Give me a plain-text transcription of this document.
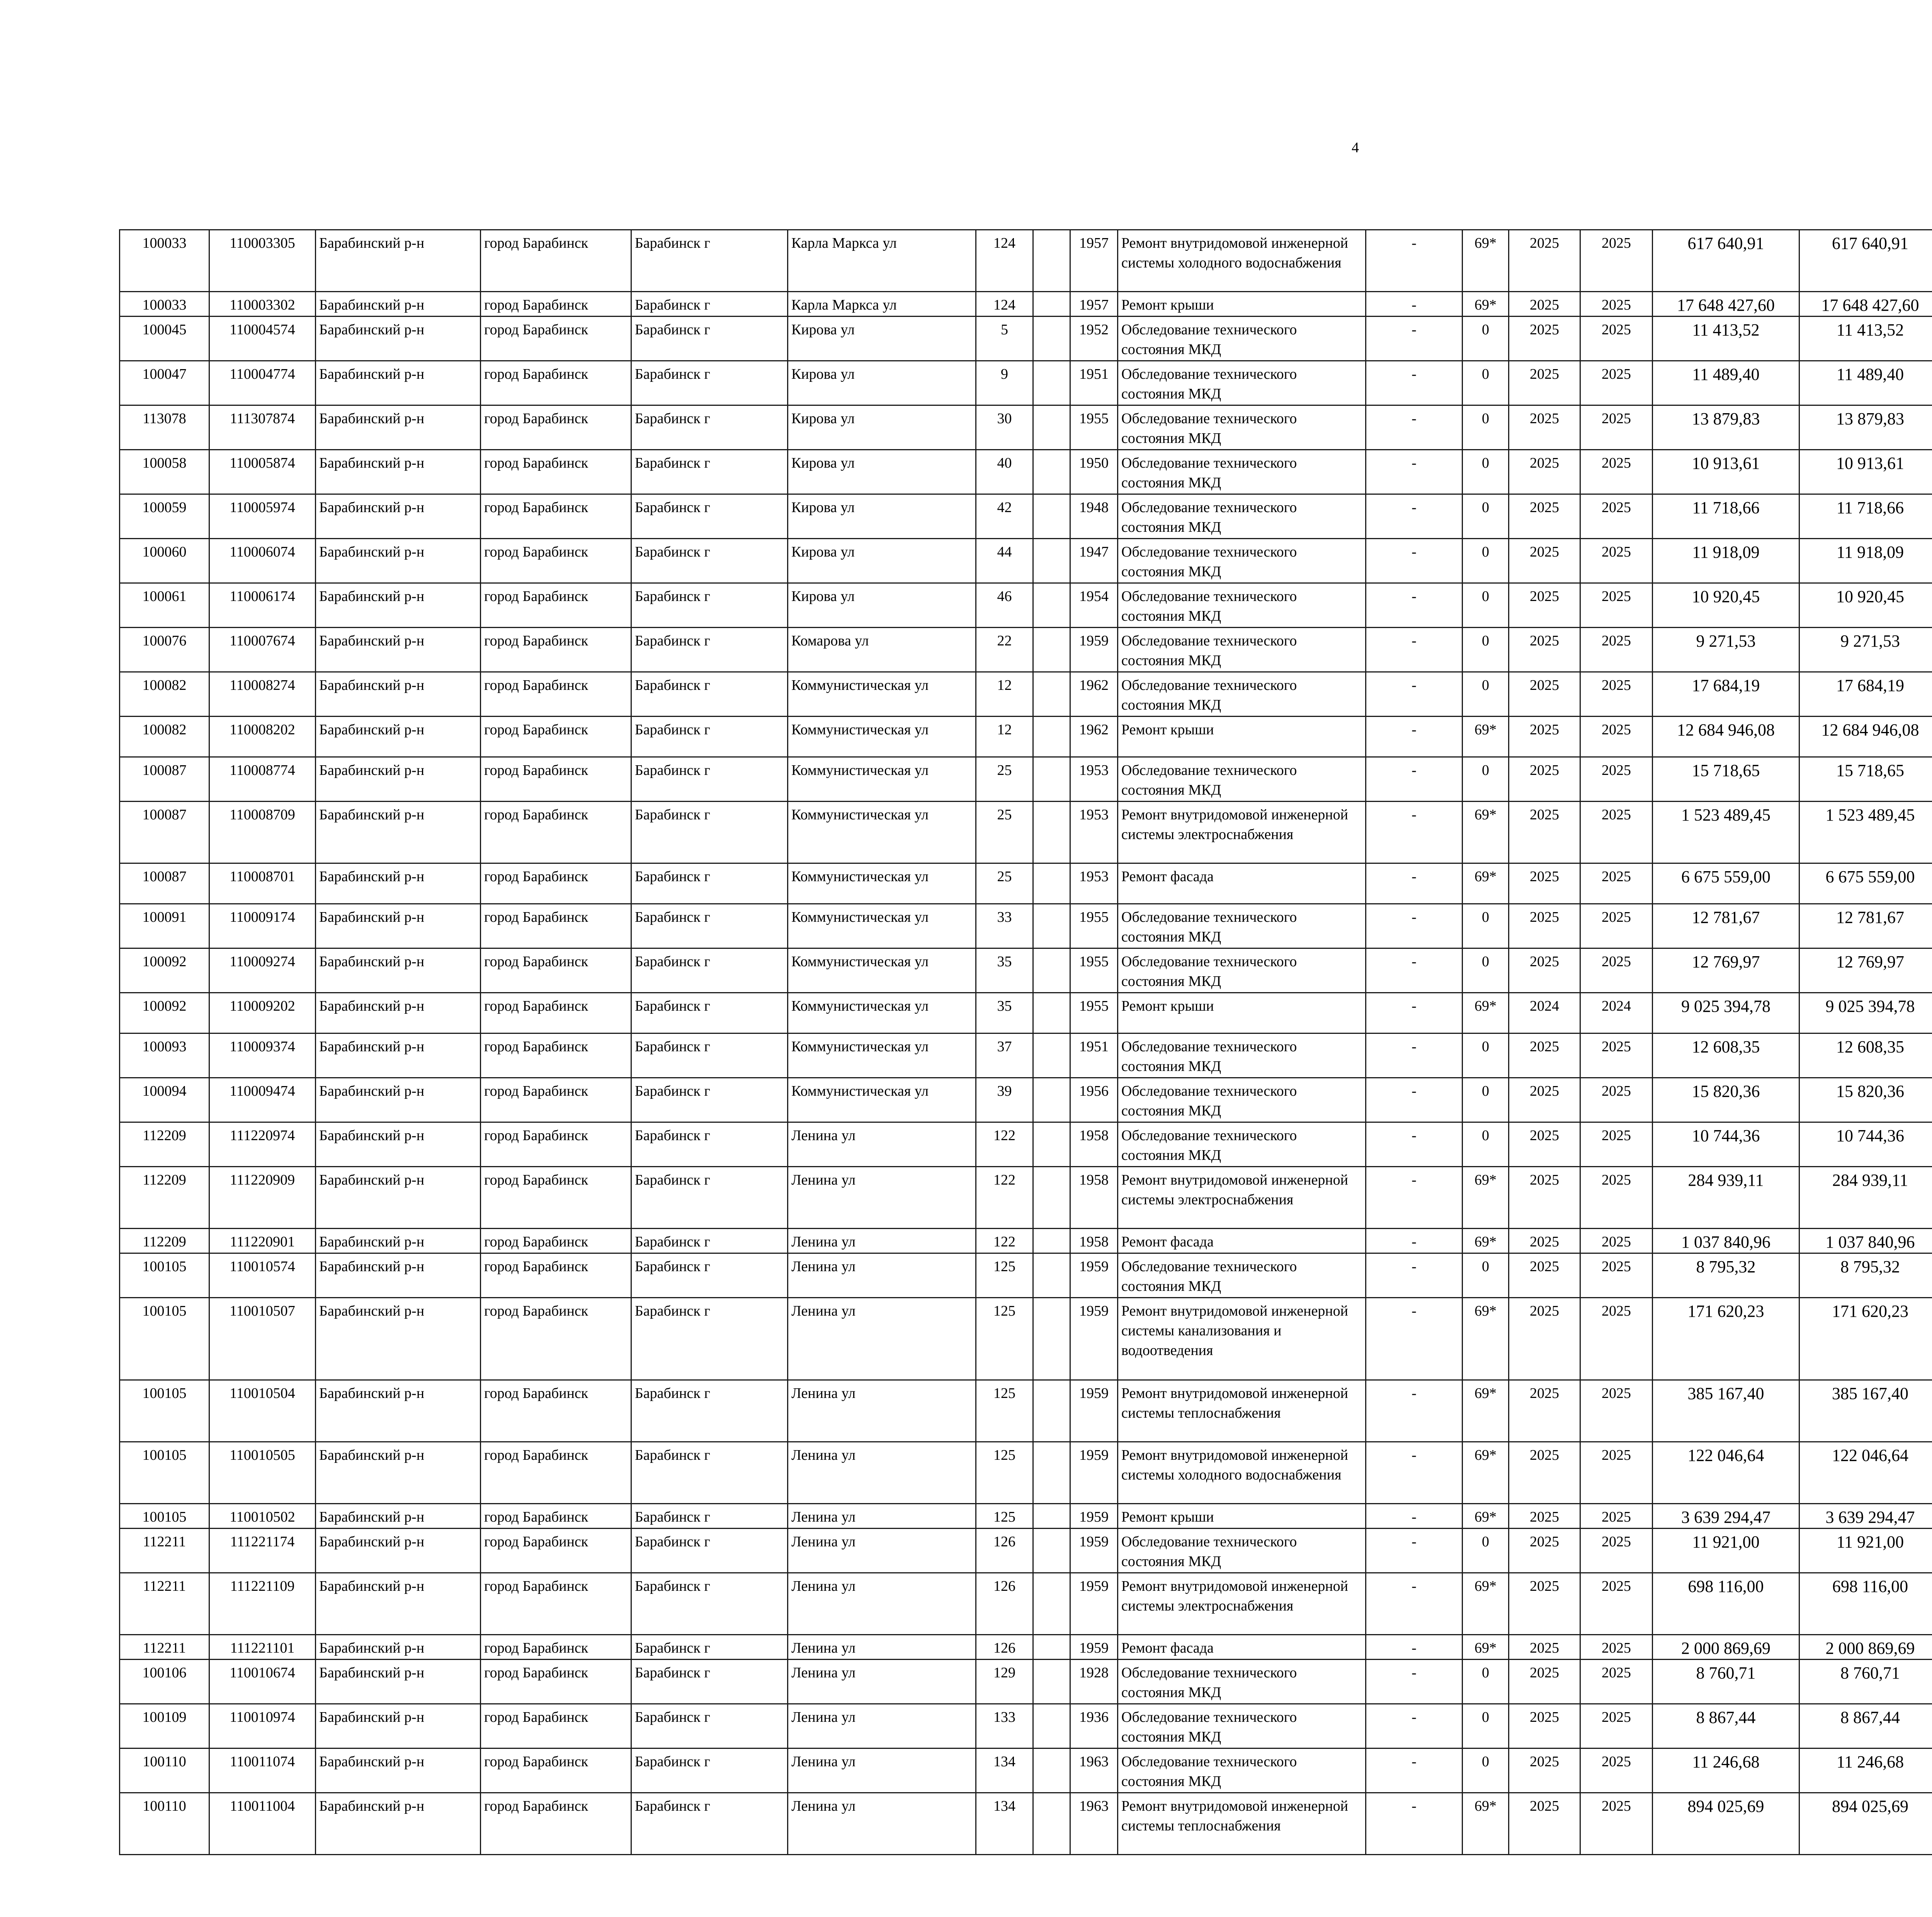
4
100033	110003305	Барабинский р-н	город Барабинск	Барабинск г	Карла Маркса ул	124		1957	Ремонт внутридомовой инженерной системы холодного водоснабжения	-	69*	2025	2025	617 640,91	617 640,91						
100033	110003302	Барабинский р-н	город Барабинск	Барабинск г	Карла Маркса ул	124		1957	Ремонт крыши	-	69*	2025	2025	17 648 427,60	17 648 427,60						
100045	110004574	Барабинский р-н	город Барабинск	Барабинск г	Кирова ул	5		1952	Обследование технического состояния МКД	-	0	2025	2025	11 413,52	11 413,52						
100047	110004774	Барабинский р-н	город Барабинск	Барабинск г	Кирова ул	9		1951	Обследование технического состояния МКД	-	0	2025	2025	11 489,40	11 489,40						
113078	111307874	Барабинский р-н	город Барабинск	Барабинск г	Кирова ул	30		1955	Обследование технического состояния МКД	-	0	2025	2025	13 879,83	13 879,83						
100058	110005874	Барабинский р-н	город Барабинск	Барабинск г	Кирова ул	40		1950	Обследование технического состояния МКД	-	0	2025	2025	10 913,61	10 913,61						
100059	110005974	Барабинский р-н	город Барабинск	Барабинск г	Кирова ул	42		1948	Обследование технического состояния МКД	-	0	2025	2025	11 718,66	11 718,66						
100060	110006074	Барабинский р-н	город Барабинск	Барабинск г	Кирова ул	44		1947	Обследование технического состояния МКД	-	0	2025	2025	11 918,09	11 918,09						
100061	110006174	Барабинский р-н	город Барабинск	Барабинск г	Кирова ул	46		1954	Обследование технического состояния МКД	-	0	2025	2025	10 920,45	10 920,45						
100076	110007674	Барабинский р-н	город Барабинск	Барабинск г	Комарова ул	22		1959	Обследование технического состояния МКД	-	0	2025	2025	9 271,53	9 271,53						
100082	110008274	Барабинский р-н	город Барабинск	Барабинск г	Коммунистическая ул	12		1962	Обследование технического состояния МКД	-	0	2025	2025	17 684,19	17 684,19						
100082	110008202	Барабинский р-н	город Барабинск	Барабинск г	Коммунистическая ул	12		1962	Ремонт крыши	-	69*	2025	2025	12 684 946,08	12 684 946,08						
100087	110008774	Барабинский р-н	город Барабинск	Барабинск г	Коммунистическая ул	25		1953	Обследование технического состояния МКД	-	0	2025	2025	15 718,65	15 718,65						
100087	110008709	Барабинский р-н	город Барабинск	Барабинск г	Коммунистическая ул	25		1953	Ремонт внутридомовой инженерной системы электроснабжения	-	69*	2025	2025	1 523 489,45	1 523 489,45						
100087	110008701	Барабинский р-н	город Барабинск	Барабинск г	Коммунистическая ул	25		1953	Ремонт фасада	-	69*	2025	2025	6 675 559,00	6 675 559,00						
100091	110009174	Барабинский р-н	город Барабинск	Барабинск г	Коммунистическая ул	33		1955	Обследование технического состояния МКД	-	0	2025	2025	12 781,67	12 781,67						
100092	110009274	Барабинский р-н	город Барабинск	Барабинск г	Коммунистическая ул	35		1955	Обследование технического состояния МКД	-	0	2025	2025	12 769,97	12 769,97						
100092	110009202	Барабинский р-н	город Барабинск	Барабинск г	Коммунистическая ул	35		1955	Ремонт крыши	-	69*	2024	2024	9 025 394,78	9 025 394,78						
100093	110009374	Барабинский р-н	город Барабинск	Барабинск г	Коммунистическая ул	37		1951	Обследование технического состояния МКД	-	0	2025	2025	12 608,35	12 608,35						
100094	110009474	Барабинский р-н	город Барабинск	Барабинск г	Коммунистическая ул	39		1956	Обследование технического состояния МКД	-	0	2025	2025	15 820,36	15 820,36						
112209	111220974	Барабинский р-н	город Барабинск	Барабинск г	Ленина ул	122		1958	Обследование технического состояния МКД	-	0	2025	2025	10 744,36	10 744,36						
112209	111220909	Барабинский р-н	город Барабинск	Барабинск г	Ленина ул	122		1958	Ремонт внутридомовой инженерной системы электроснабжения	-	69*	2025	2025	284 939,11	284 939,11						
112209	111220901	Барабинский р-н	город Барабинск	Барабинск г	Ленина ул	122		1958	Ремонт фасада	-	69*	2025	2025	1 037 840,96	1 037 840,96						
100105	110010574	Барабинский р-н	город Барабинск	Барабинск г	Ленина ул	125		1959	Обследование технического состояния МКД	-	0	2025	2025	8 795,32	8 795,32						
100105	110010507	Барабинский р-н	город Барабинск	Барабинск г	Ленина ул	125		1959	Ремонт внутридомовой инженерной системы канализования и водоотведения	-	69*	2025	2025	171 620,23	171 620,23						
100105	110010504	Барабинский р-н	город Барабинск	Барабинск г	Ленина ул	125		1959	Ремонт внутридомовой инженерной системы теплоснабжения	-	69*	2025	2025	385 167,40	385 167,40						
100105	110010505	Барабинский р-н	город Барабинск	Барабинск г	Ленина ул	125		1959	Ремонт внутридомовой инженерной системы холодного водоснабжения	-	69*	2025	2025	122 046,64	122 046,64						
100105	110010502	Барабинский р-н	город Барабинск	Барабинск г	Ленина ул	125		1959	Ремонт крыши	-	69*	2025	2025	3 639 294,47	3 639 294,47						
112211	111221174	Барабинский р-н	город Барабинск	Барабинск г	Ленина ул	126		1959	Обследование технического состояния МКД	-	0	2025	2025	11 921,00	11 921,00						
112211	111221109	Барабинский р-н	город Барабинск	Барабинск г	Ленина ул	126		1959	Ремонт внутридомовой инженерной системы электроснабжения	-	69*	2025	2025	698 116,00	698 116,00						
112211	111221101	Барабинский р-н	город Барабинск	Барабинск г	Ленина ул	126		1959	Ремонт фасада	-	69*	2025	2025	2 000 869,69	2 000 869,69						
100106	110010674	Барабинский р-н	город Барабинск	Барабинск г	Ленина ул	129		1928	Обследование технического состояния МКД	-	0	2025	2025	8 760,71	8 760,71						
100109	110010974	Барабинский р-н	город Барабинск	Барабинск г	Ленина ул	133		1936	Обследование технического состояния МКД	-	0	2025	2025	8 867,44	8 867,44						
100110	110011074	Барабинский р-н	город Барабинск	Барабинск г	Ленина ул	134		1963	Обследование технического состояния МКД	-	0	2025	2025	11 246,68	11 246,68						
100110	110011004	Барабинский р-н	город Барабинск	Барабинск г	Ленина ул	134		1963	Ремонт внутридомовой инженерной системы теплоснабжения	-	69*	2025	2025	894 025,69	894 025,69						
